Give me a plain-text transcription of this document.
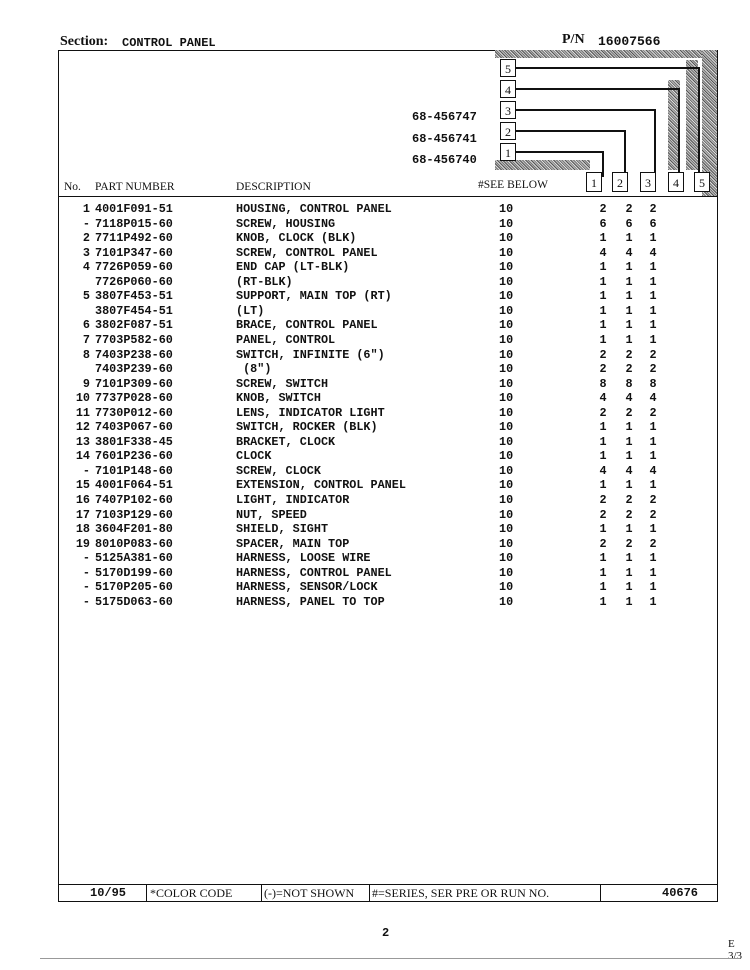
Section: CONTROL PANEL	P/N 16007566
5
4
3
2
1
1	2	3	4	5
68-456747
68-456741
68-456740
No. PART NUMBER	DESCRIPTION	#SEE BELOW
1 4001F091-51	HOUSING, CONTROL PANEL	10	2 2 2
- 7118P015-60	SCREW, HOUSING	10	6 6 6
2 7711P492-60	KNOB, CLOCK (BLK)	10	1 1 1
3 7101P347-60	SCREW, CONTROL PANEL	10	4 4 4
4 7726P059-60	END CAP (LT-BLK)	10	1 1 1
7726P060-60	(RT-BLK)	10	1 1 1
5 3807F453-51	SUPPORT, MAIN TOP (RT)	10	1 1 1
3807F454-51	(LT)	10	1 1 1
6 3802F087-51	BRACE, CONTROL PANEL	10	1 1 1
7 7703P582-60	PANEL, CONTROL	10	1 1 1
8 7403P238-60	SWITCH, INFINITE (6")	10	2 2 2
7403P239-60	(8")	10	2 2 2
9 7101P309-60	SCREW, SWITCH	10	8 8 8
10 7737P028-60	KNOB, SWITCH	10	4 4 4
11 7730P012-60	LENS, INDICATOR LIGHT	10	2 2 2
12 7403P067-60	SWITCH, ROCKER (BLK)	10	1 1 1
13 3801F338-45	BRACKET, CLOCK	10	1 1 1
14 7601P236-60	CLOCK	10	1 1 1
- 7101P148-60	SCREW, CLOCK	10	4 4 4
15 4001F064-51	EXTENSION, CONTROL PANEL	10	1 1 1
16 7407P102-60	LIGHT, INDICATOR	10	2 2 2
17 7103P129-60	NUT, SPEED	10	2 2 2
18 3604F201-80	SHIELD, SIGHT	10	1 1 1
19 8010P083-60	SPACER, MAIN TOP	10	2 2 2
- 5125A381-60	HARNESS, LOOSE WIRE	10	1 1 1
- 5170D199-60	HARNESS, CONTROL PANEL	10	1 1 1
- 5170P205-60	HARNESS, SENSOR/LOCK	10	1 1 1
- 5175D063-60	HARNESS, PANEL TO TOP	10	1 1 1
10/95 *COLOR CODE	(-)=NOT SHOWN #=SERIES, SER PRE OR RUN NO.	40676
2
E 3/3
